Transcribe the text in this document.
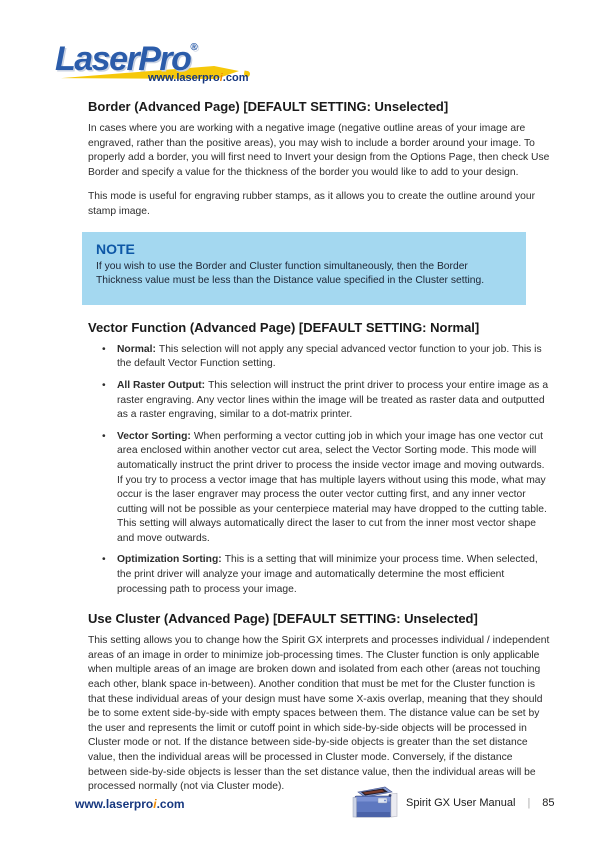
LaserPro®
www.laserproi.com
Border (Advanced Page) [DEFAULT SETTING: Unselected]

In cases where you are working with a negative image (negative outline areas of your image are engraved, rather than the positive areas), you may wish to include a border around your image. To properly add a border, you will first need to Invert your design from the Options Page, then check Use Border and specify a value for the thickness of the border you would like to add to your design.

This mode is useful for engraving rubber stamps, as it allows you to create the outline around your stamp image.

NOTE
If you wish to use the Border and Cluster function simultaneously, then the Border Thickness value must be less than the Distance value specified in the Cluster setting.
Vector Function (Advanced Page) [DEFAULT SETTING: Normal]
•	Normal: This selection will not apply any special advanced vector function to your job. This is the default Vector Function setting.
•	All Raster Output: This selection will instruct the print driver to process your entire image as a raster engraving. Any vector lines within the image will be treated as raster data and outputted as a raster engraving, similar to a dot-matrix printer.
•	Vector Sorting: When performing a vector cutting job in which your image has one vector cut area enclosed within another vector cut area, select the Vector Sorting mode. This mode will automatically instruct the print driver to process the inside vector image and moving outwards. If you try to process a vector image that has multiple layers without using this mode, what may occur is the laser engraver may process the outer vector cutting first, and any inner vector cutting will not be possible as your centerpiece material may have dropped to the cutting table. This setting will always automatically direct the laser to cut from the inner most vector shape and move outwards.
•	Optimization Sorting: This is a setting that will minimize your process time. When selected, the print driver will analyze your image and automatically determine the most efficient processing path to process your image.
Use Cluster (Advanced Page) [DEFAULT SETTING: Unselected]

This setting allows you to change how the Spirit GX interprets and processes individual / independent areas of an image in order to minimize job-processing times. The Cluster function is only applicable when multiple areas of an image are broken down and isolated from each other (areas not touching each other, blank space in-between). Another condition that must be met for the Cluster function is that these individual areas of your design must have some X-axis overlap, meaning that they should be to some extent side-by-side with empty spaces between them. The distance value can be set by the user and represents the limit or cutoff point in which side-by-side objects will be processed in Cluster mode or not. If the distance between side-by-side objects is greater than the set distance value, then the individual areas will be processed in Cluster mode. Conversely, if the distance between side-by-side objects is lesser than the set distance value, then the individual areas will be processed normally (not via Cluster mode).

www.laserproi.com	Spirit GX User Manual | 85
